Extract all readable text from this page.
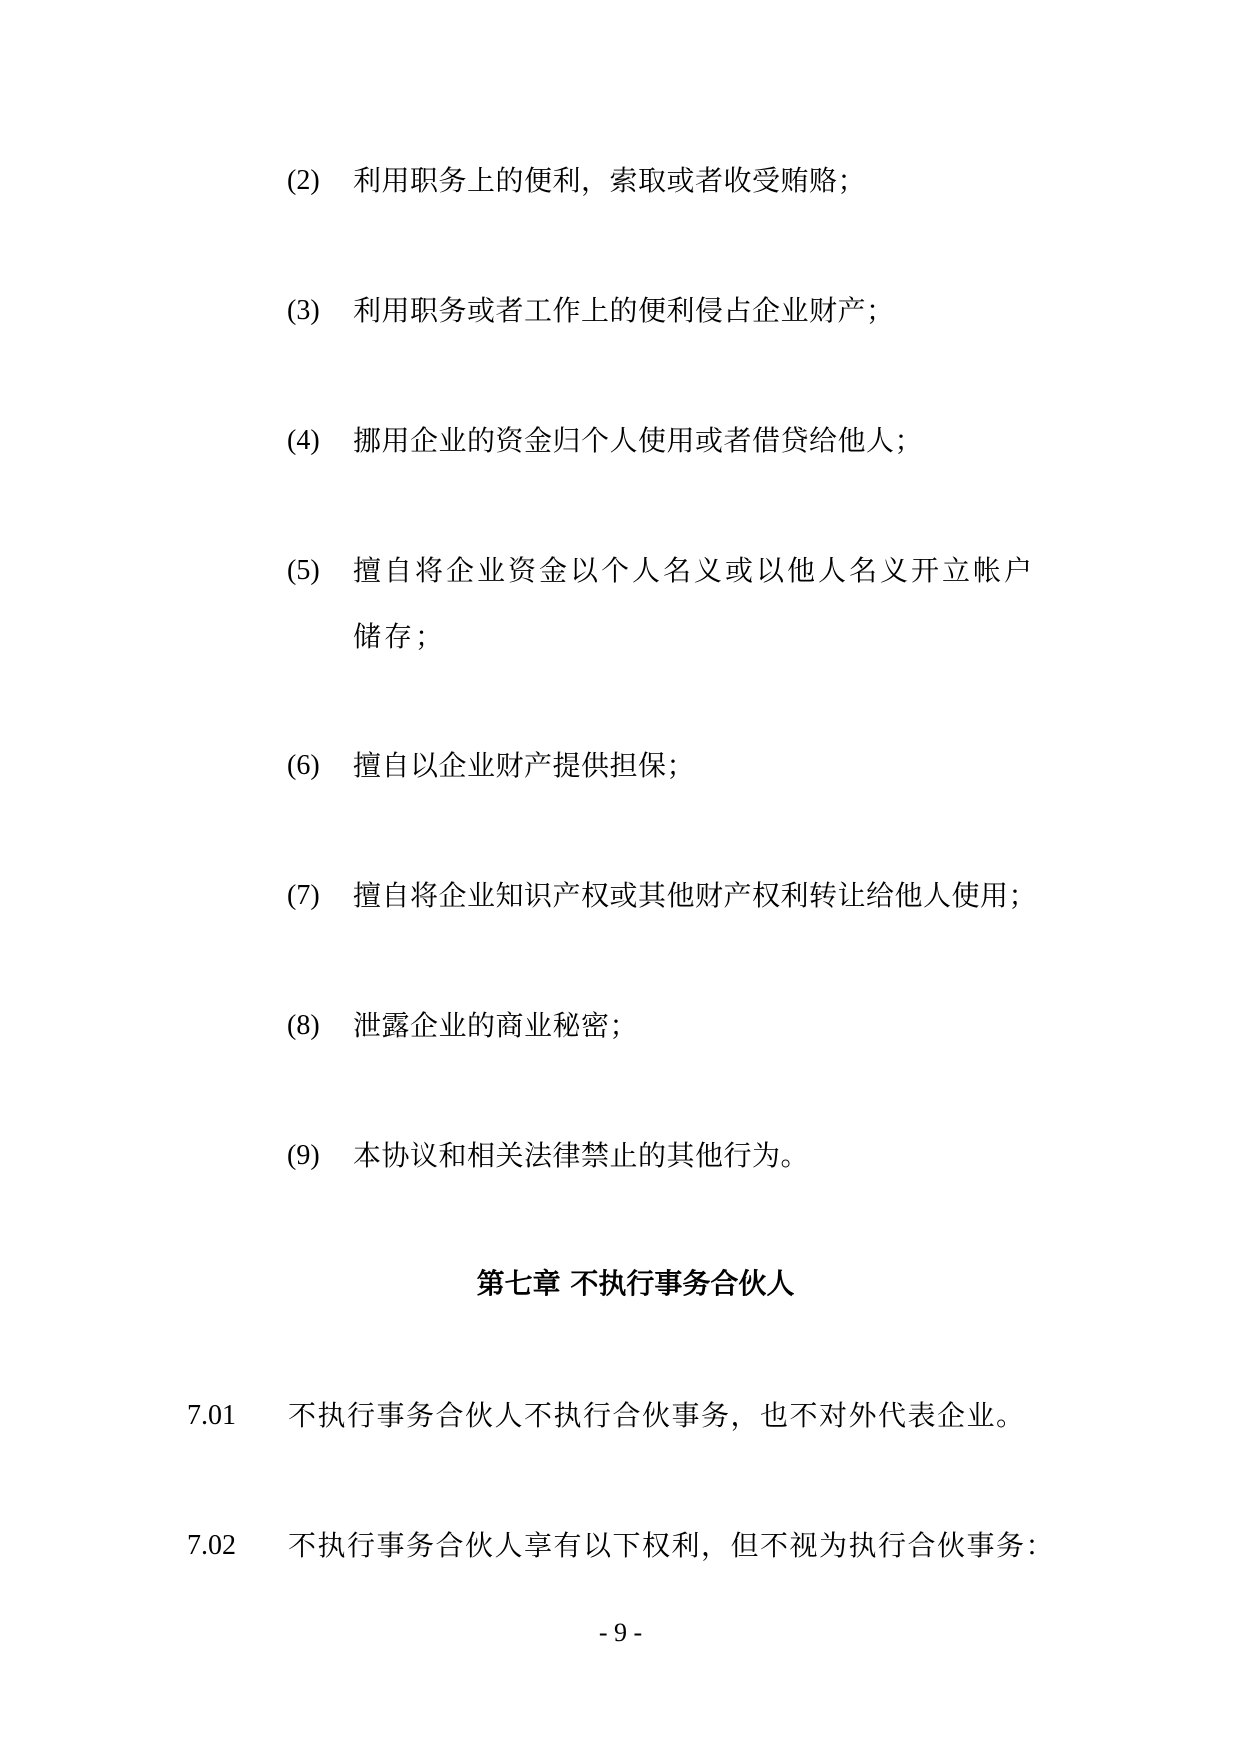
(2)	利用职务上的便利，索取或者收受贿赂；
(3)	利用职务或者工作上的便利侵占企业财产；
(4)	挪用企业的资金归个人使用或者借贷给他人；
(5)	擅自将企业资金以个人名义或以他人名义开立帐户储存；
(6)	擅自以企业财产提供担保；
(7)	擅自将企业知识产权或其他财产权利转让给他人使用；
(8)	泄露企业的商业秘密；
(9)	本协议和相关法律禁止的其他行为。
第七章 不执行事务合伙人
7.01	不执行事务合伙人不执行合伙事务，也不对外代表企业。
7.02	不执行事务合伙人享有以下权利，但不视为执行合伙事务：
- 9 -
